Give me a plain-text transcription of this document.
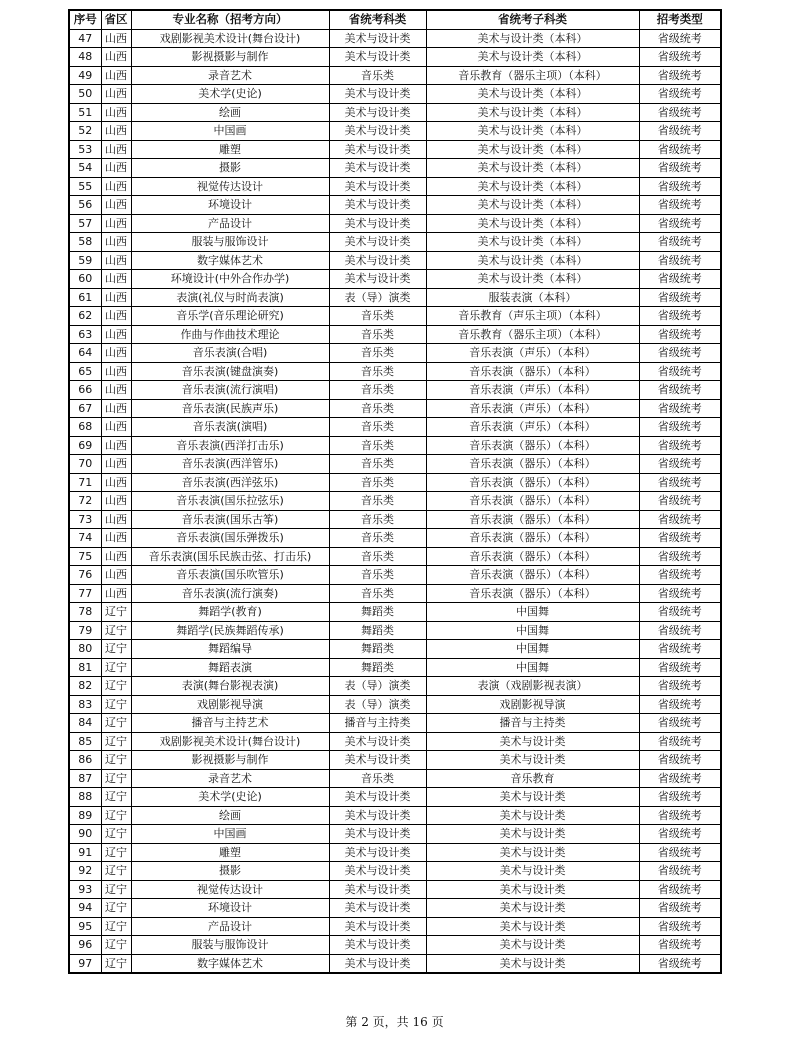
序号	省区	专业名称（招考方向）	省统考科类	省统考子科类	招考类型
47	山西	戏剧影视美术设计(舞台设计)	美术与设计类	美术与设计类（本科）	省级统考
48	山西	影视摄影与制作	美术与设计类	美术与设计类（本科）	省级统考
49	山西	录音艺术	音乐类	音乐教育（器乐主项）（本科）	省级统考
50	山西	美术学(史论)	美术与设计类	美术与设计类（本科）	省级统考
51	山西	绘画	美术与设计类	美术与设计类（本科）	省级统考
52	山西	中国画	美术与设计类	美术与设计类（本科）	省级统考
53	山西	雕塑	美术与设计类	美术与设计类（本科）	省级统考
54	山西	摄影	美术与设计类	美术与设计类（本科）	省级统考
55	山西	视觉传达设计	美术与设计类	美术与设计类（本科）	省级统考
56	山西	环境设计	美术与设计类	美术与设计类（本科）	省级统考
57	山西	产品设计	美术与设计类	美术与设计类（本科）	省级统考
58	山西	服装与服饰设计	美术与设计类	美术与设计类（本科）	省级统考
59	山西	数字媒体艺术	美术与设计类	美术与设计类（本科）	省级统考
60	山西	环境设计(中外合作办学)	美术与设计类	美术与设计类（本科）	省级统考
61	山西	表演(礼仪与时尚表演)	表（导）演类	服装表演（本科）	省级统考
62	山西	音乐学(音乐理论研究)	音乐类	音乐教育（声乐主项）（本科）	省级统考
63	山西	作曲与作曲技术理论	音乐类	音乐教育（器乐主项）（本科）	省级统考
64	山西	音乐表演(合唱)	音乐类	音乐表演（声乐）（本科）	省级统考
65	山西	音乐表演(键盘演奏)	音乐类	音乐表演（器乐）（本科）	省级统考
66	山西	音乐表演(流行演唱)	音乐类	音乐表演（声乐）（本科）	省级统考
67	山西	音乐表演(民族声乐)	音乐类	音乐表演（声乐）（本科）	省级统考
68	山西	音乐表演(演唱)	音乐类	音乐表演（声乐）（本科）	省级统考
69	山西	音乐表演(西洋打击乐)	音乐类	音乐表演（器乐）（本科）	省级统考
70	山西	音乐表演(西洋管乐)	音乐类	音乐表演（器乐）（本科）	省级统考
71	山西	音乐表演(西洋弦乐)	音乐类	音乐表演（器乐）（本科）	省级统考
72	山西	音乐表演(国乐拉弦乐)	音乐类	音乐表演（器乐）（本科）	省级统考
73	山西	音乐表演(国乐古筝)	音乐类	音乐表演（器乐）（本科）	省级统考
74	山西	音乐表演(国乐弹拨乐)	音乐类	音乐表演（器乐）（本科）	省级统考
75	山西	音乐表演(国乐民族击弦、打击乐)	音乐类	音乐表演（器乐）（本科）	省级统考
76	山西	音乐表演(国乐吹管乐)	音乐类	音乐表演（器乐）（本科）	省级统考
77	山西	音乐表演(流行演奏)	音乐类	音乐表演（器乐）（本科）	省级统考
78	辽宁	舞蹈学(教育)	舞蹈类	中国舞	省级统考
79	辽宁	舞蹈学(民族舞蹈传承)	舞蹈类	中国舞	省级统考
80	辽宁	舞蹈编导	舞蹈类	中国舞	省级统考
81	辽宁	舞蹈表演	舞蹈类	中国舞	省级统考
82	辽宁	表演(舞台影视表演)	表（导）演类	表演（戏剧影视表演）	省级统考
83	辽宁	戏剧影视导演	表（导）演类	戏剧影视导演	省级统考
84	辽宁	播音与主持艺术	播音与主持类	播音与主持类	省级统考
85	辽宁	戏剧影视美术设计(舞台设计)	美术与设计类	美术与设计类	省级统考
86	辽宁	影视摄影与制作	美术与设计类	美术与设计类	省级统考
87	辽宁	录音艺术	音乐类	音乐教育	省级统考
88	辽宁	美术学(史论)	美术与设计类	美术与设计类	省级统考
89	辽宁	绘画	美术与设计类	美术与设计类	省级统考
90	辽宁	中国画	美术与设计类	美术与设计类	省级统考
91	辽宁	雕塑	美术与设计类	美术与设计类	省级统考
92	辽宁	摄影	美术与设计类	美术与设计类	省级统考
93	辽宁	视觉传达设计	美术与设计类	美术与设计类	省级统考
94	辽宁	环境设计	美术与设计类	美术与设计类	省级统考
95	辽宁	产品设计	美术与设计类	美术与设计类	省级统考
96	辽宁	服装与服饰设计	美术与设计类	美术与设计类	省级统考
97	辽宁	数字媒体艺术	美术与设计类	美术与设计类	省级统考
第 2 页，共 16 页
